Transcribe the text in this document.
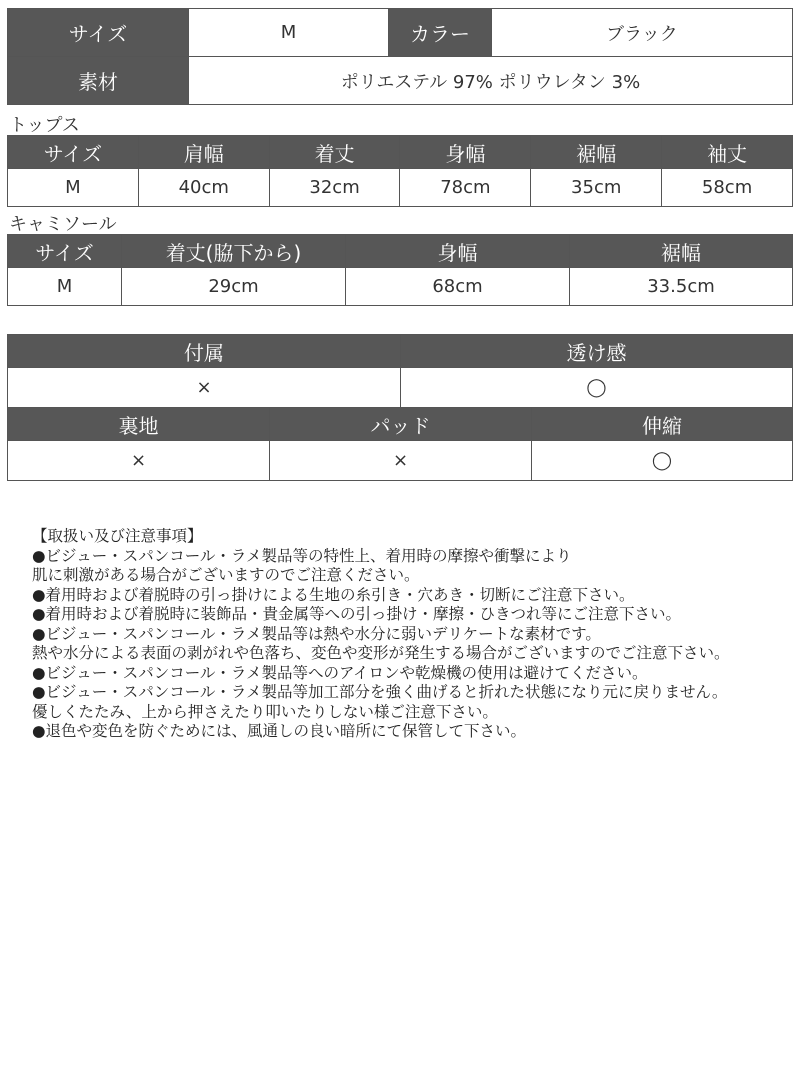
サイズ	M	カラー	ブラック
素材	ポリエステル 97% ポリウレタン 3%		
トップス
サイズ	肩幅	着丈	身幅	裾幅	袖丈
M	40cm	32cm	78cm	35cm	58cm
キャミソール
サイズ	着丈(脇下から)	身幅	裾幅
M	29cm	68cm	33.5cm
付属	透け感
×	◯
裏地	パッド	伸縮
×	×	◯
【取扱い及び注意事項】
●ビジュー・スパンコール・ラメ製品等の特性上、着用時の摩擦や衝撃により
肌に刺激がある場合がございますのでご注意ください。
●着用時および着脱時の引っ掛けによる生地の糸引き・穴あき・切断にご注意下さい。
●着用時および着脱時に装飾品・貴金属等への引っ掛け・摩擦・ひきつれ等にご注意下さい。
●ビジュー・スパンコール・ラメ製品等は熱や水分に弱いデリケートな素材です。
熱や水分による表面の剥がれや色落ち、変色や変形が発生する場合がございますのでご注意下さい。
●ビジュー・スパンコール・ラメ製品等へのアイロンや乾燥機の使用は避けてください。
●ビジュー・スパンコール・ラメ製品等加工部分を強く曲げると折れた状態になり元に戻りません。
優しくたたみ、上から押さえたり叩いたりしない様ご注意下さい。
●退色や変色を防ぐためには、風通しの良い暗所にて保管して下さい。
